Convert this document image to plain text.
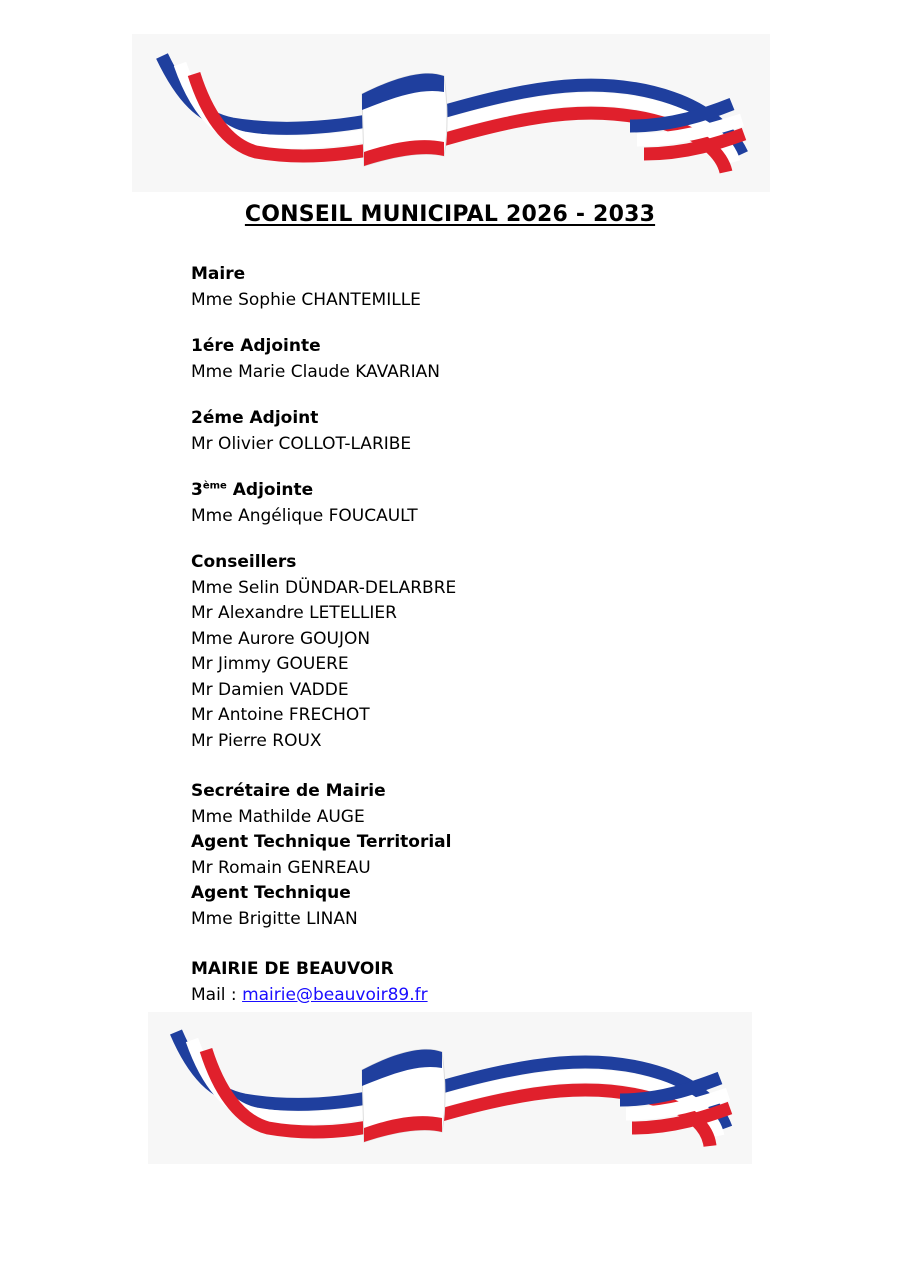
CONSEIL MUNICIPAL 2026 - 2033
Maire
Mme Sophie CHANTEMILLE
1ére Adjointe
Mme Marie Claude KAVARIAN
2éme Adjoint
Mr Olivier COLLOT-LARIBE
3ème Adjointe
Mme Angélique FOUCAULT
Conseillers
Mme Selin DÜNDAR-DELARBRE
Mr Alexandre LETELLIER
Mme Aurore GOUJON
Mr Jimmy GOUERE
Mr Damien VADDE
Mr Antoine FRECHOT
Mr Pierre ROUX
Secrétaire de Mairie
Mme Mathilde AUGE
Agent Technique Territorial
Mr Romain GENREAU
Agent Technique
Mme Brigitte LINAN
MAIRIE DE BEAUVOIR
Mail : mairie@beauvoir89.fr
